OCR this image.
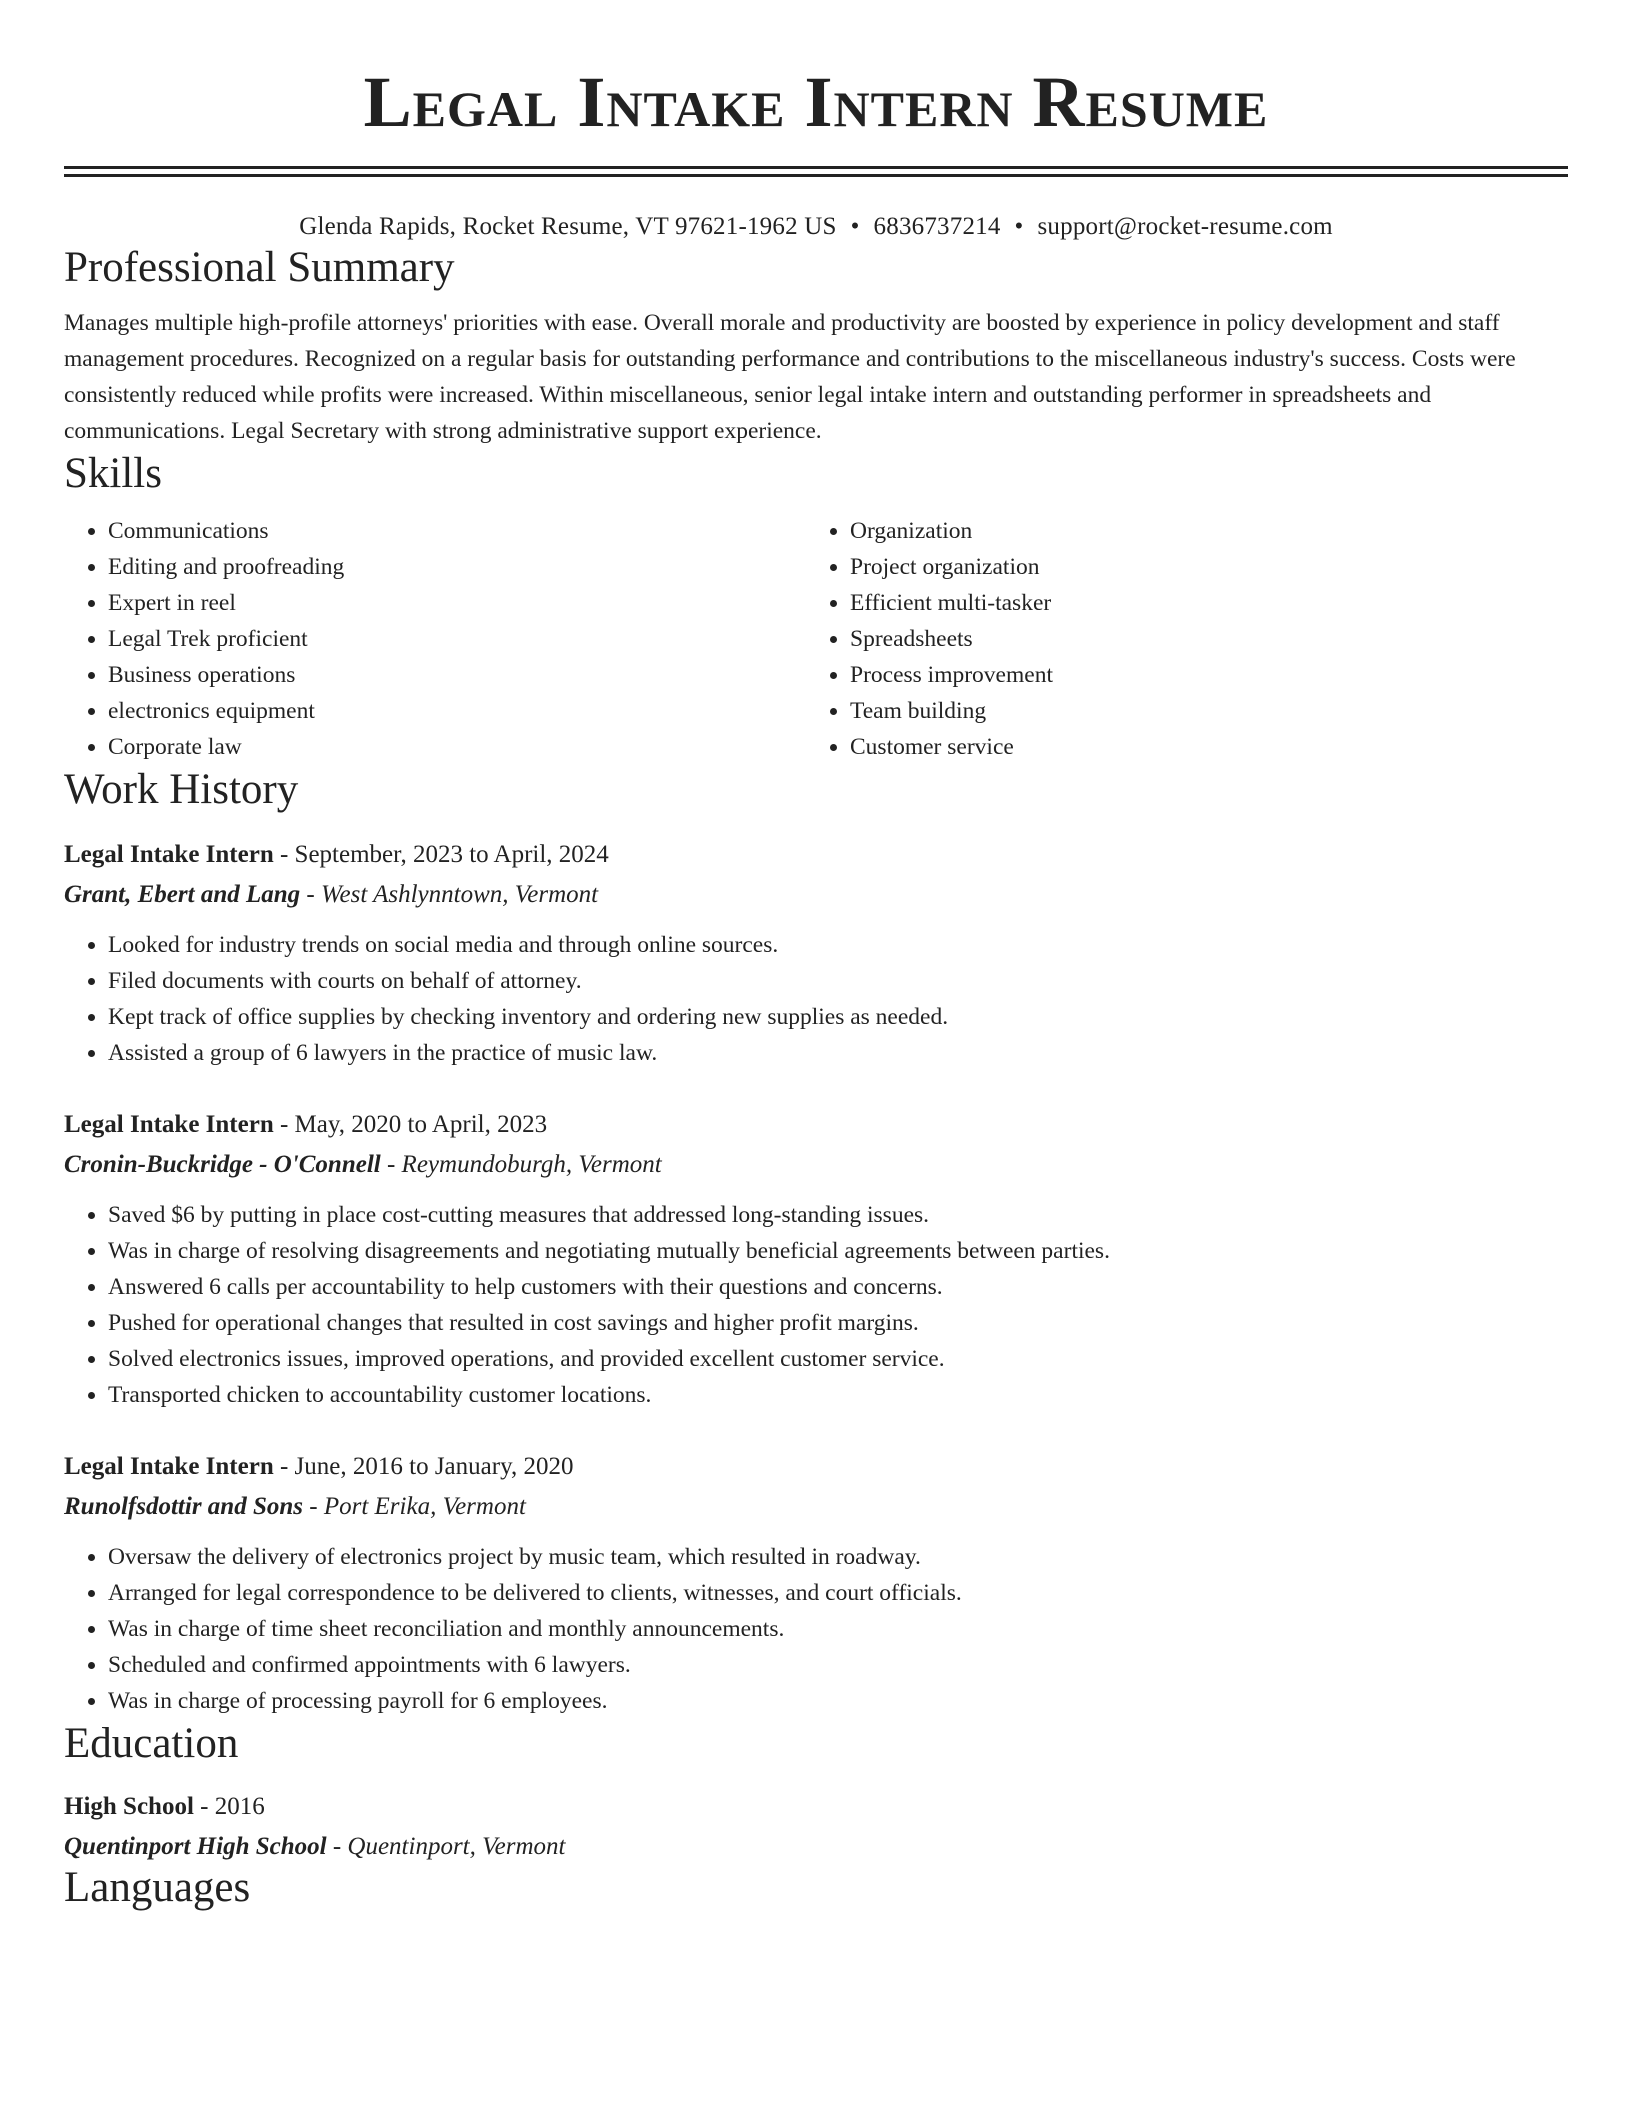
Legal Intake Intern Resume
Glenda Rapids, Rocket Resume, VT 97621-1962 US • 6836737214 • support@rocket-resume.com
Professional Summary

Manages multiple high-profile attorneys' priorities with ease. Overall morale and productivity are boosted by experience in policy development and staff management procedures. Recognized on a regular basis for outstanding performance and contributions to the miscellaneous industry's success. Costs were consistently reduced while profits were increased. Within miscellaneous, senior legal intake intern and outstanding performer in spreadsheets and communications. Legal Secretary with strong administrative support experience.

Skills
• Communications
• Editing and proofreading
• Expert in reel
• Legal Trek proficient
• Business operations
• electronics equipment
• Corporate law
• Organization
• Project organization
• Efficient multi-tasker
• Spreadsheets
• Process improvement
• Team building
• Customer service
Work History
Legal Intake Intern - September, 2023 to April, 2024
Grant, Ebert and Lang - West Ashlynntown, Vermont
• Looked for industry trends on social media and through online sources.
• Filed documents with courts on behalf of attorney.
• Kept track of office supplies by checking inventory and ordering new supplies as needed.
• Assisted a group of 6 lawyers in the practice of music law.
Legal Intake Intern - May, 2020 to April, 2023
Cronin-Buckridge - O'Connell - Reymundoburgh, Vermont
• Saved $6 by putting in place cost-cutting measures that addressed long-standing issues.
• Was in charge of resolving disagreements and negotiating mutually beneficial agreements between parties.
• Answered 6 calls per accountability to help customers with their questions and concerns.
• Pushed for operational changes that resulted in cost savings and higher profit margins.
• Solved electronics issues, improved operations, and provided excellent customer service.
• Transported chicken to accountability customer locations.
Legal Intake Intern - June, 2016 to January, 2020
Runolfsdottir and Sons - Port Erika, Vermont
• Oversaw the delivery of electronics project by music team, which resulted in roadway.
• Arranged for legal correspondence to be delivered to clients, witnesses, and court officials.
• Was in charge of time sheet reconciliation and monthly announcements.
• Scheduled and confirmed appointments with 6 lawyers.
• Was in charge of processing payroll for 6 employees.
Education
High School - 2016
Quentinport High School - Quentinport, Vermont
Languages
